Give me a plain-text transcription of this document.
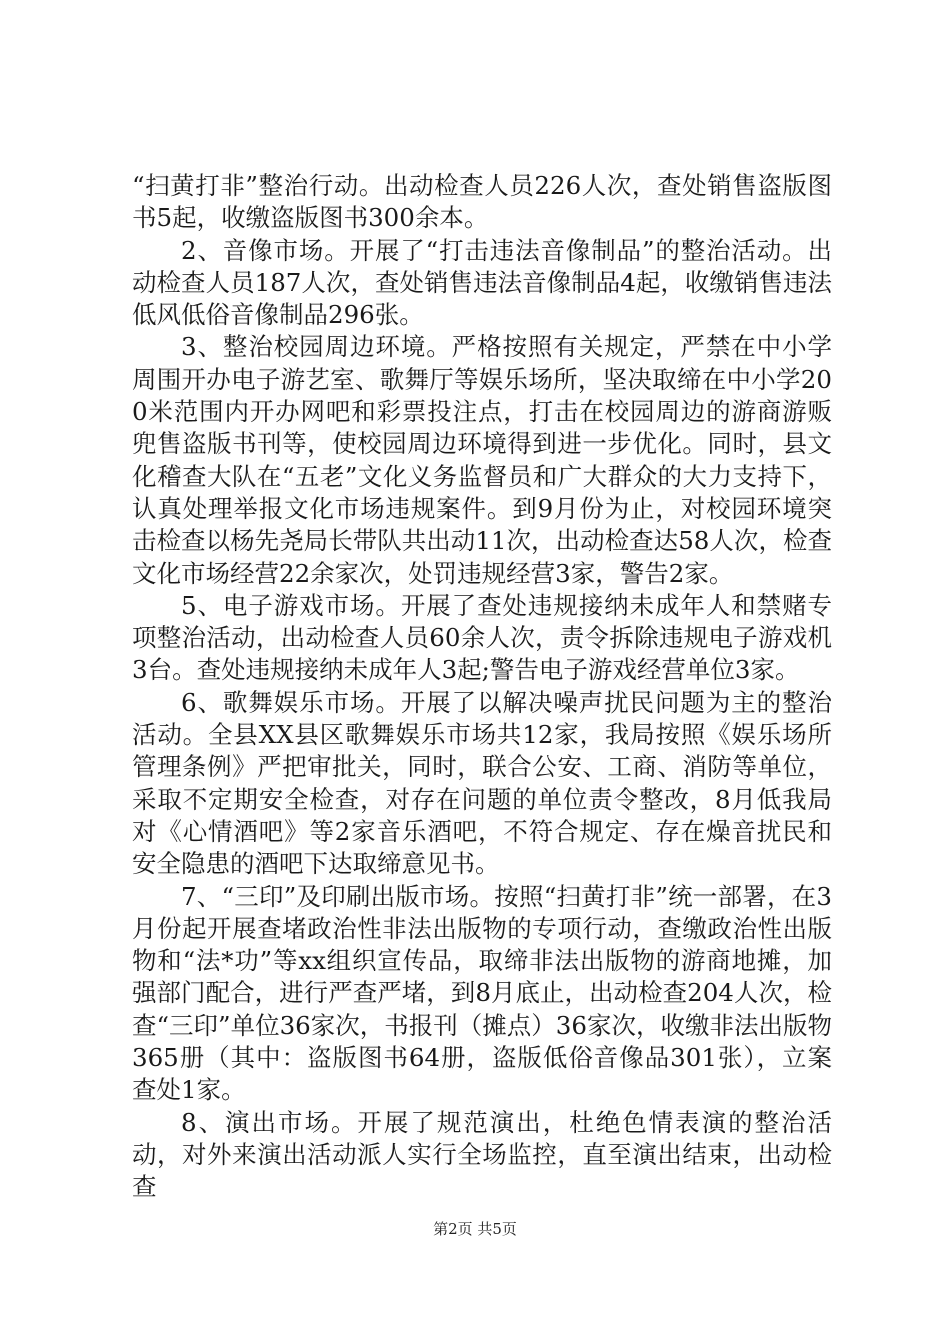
“扫黄打非”整治行动。出动检查人员226人次，查处销售盗版图书5起，收缴盗版图书300余本。

2、音像市场。开展了“打击违法音像制品”的整治活动。出动检查人员187人次，查处销售违法音像制品4起，收缴销售违法低风低俗音像制品296张。

3、整治校园周边环境。严格按照有关规定，严禁在中小学周围开办电子游艺室、歌舞厅等娱乐场所，坚决取缔在中小学200米范围内开办网吧和彩票投注点，打击在校园周边的游商游贩兜售盗版书刊等，使校园周边环境得到进一步优化。同时，县文化稽查大队在“五老”文化义务监督员和广大群众的大力支持下，认真处理举报文化市场违规案件。到9月份为止，对校园环境突击检查以杨先尧局长带队共出动11次，出动检查达58人次，检查文化市场经营22余家次，处罚违规经营3家，警告2家。

5、电子游戏市场。开展了查处违规接纳未成年人和禁赌专项整治活动，出动检查人员60余人次，责令拆除违规电子游戏机3台。查处违规接纳未成年人3起;警告电子游戏经营单位3家。

6、歌舞娱乐市场。开展了以解决噪声扰民问题为主的整治活动。全县XX县区歌舞娱乐市场共12家，我局按照《娱乐场所管理条例》严把审批关，同时，联合公安、工商、消防等单位，采取不定期安全检查，对存在问题的单位责令整改，8月低我局对《心情酒吧》等2家音乐酒吧，不符合规定、存在燥音扰民和安全隐患的酒吧下达取缔意见书。

7、“三印”及印刷出版市场。按照“扫黄打非”统一部署，在3月份起开展查堵政治性非法出版物的专项行动，查缴政治性出版物和“法*功”等xx组织宣传品，取缔非法出版物的游商地摊，加强部门配合，进行严查严堵，到8月底止，出动检查204人次，检查“三印”单位36家次，书报刊（摊点）36家次，收缴非法出版物365册（其中：盗版图书64册，盗版低俗音像品301张），立案查处1家。

8、演出市场。开展了规范演出，杜绝色情表演的整治活动，对外来演出活动派人实行全场监控，直至演出结束，出动检查

第2页 共5页
